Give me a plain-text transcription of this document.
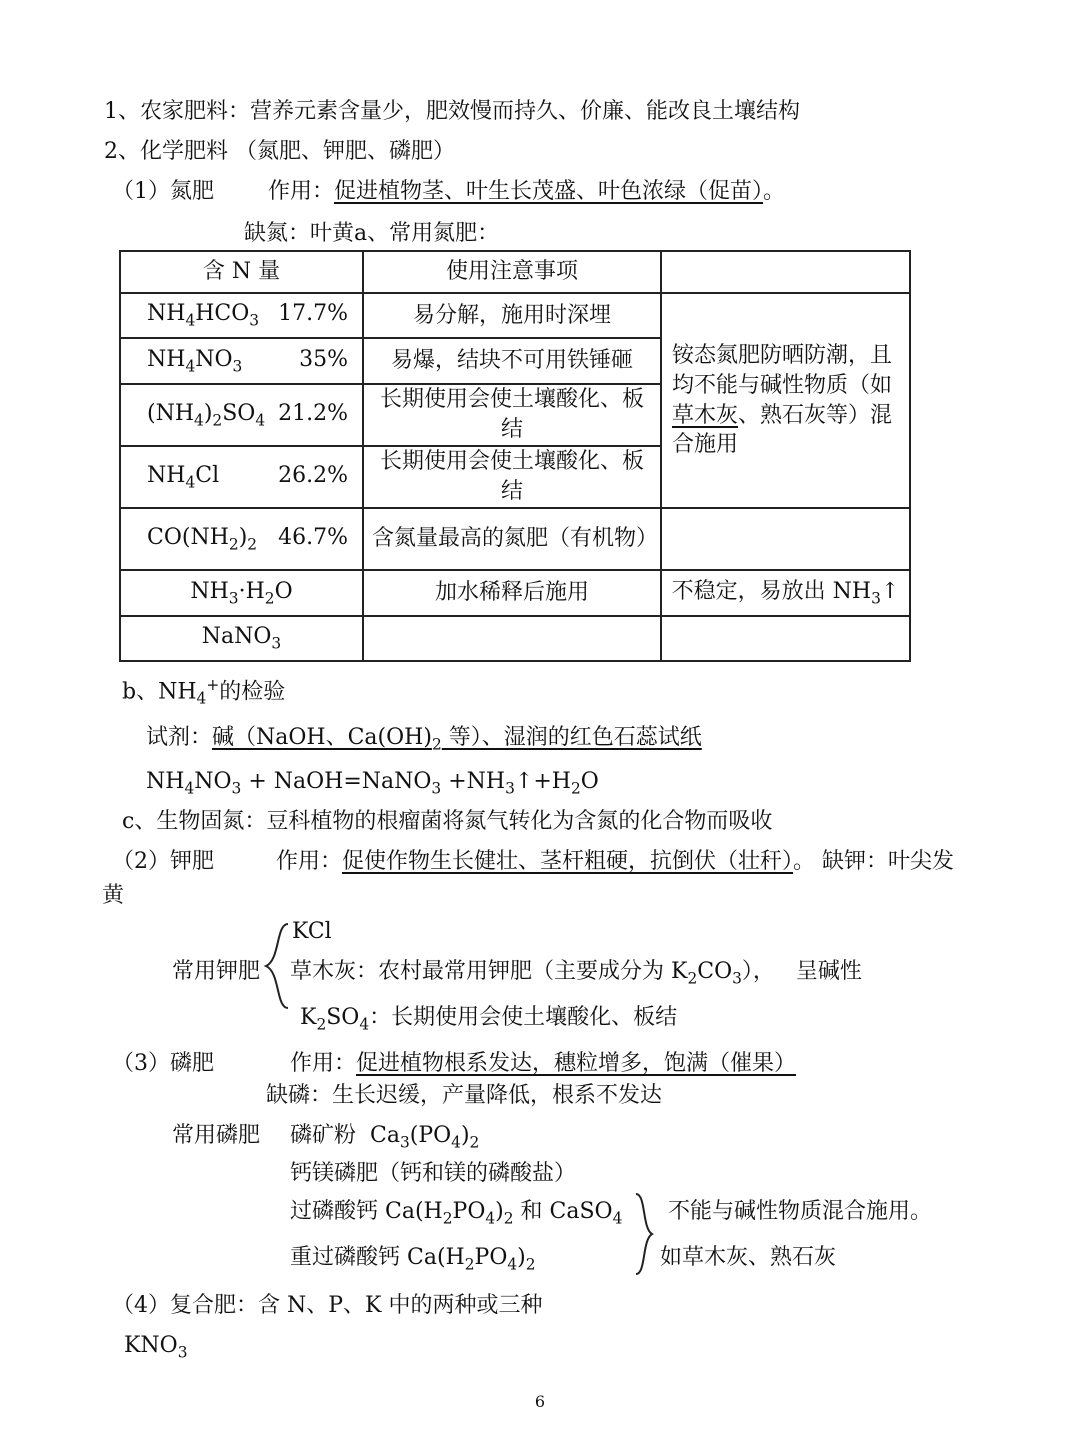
1、农家肥料：营养元素含量少，肥效慢而持久、价廉、能改良土壤结构
2、化学肥料 （氮肥、钾肥、磷肥）
（1）氮肥 作用：促进植物茎、叶生长茂盛、叶色浓绿（促苗）。
缺氮：叶黄a、常用氮肥：
含 N 量	使用注意事项	

$NH_4HCO_3$ 17.7%	易分解，施用时深埋	铵态氮肥防晒防潮，且均不能与碱性物质（如草木灰、熟石灰等）混合施用

$NH_4NO_3$ 35%	易爆，结块不可用铁锤砸	

$(NH_4)_2SO_4$ 21.2%	长期使用会使土壤酸化、板结	

$NH_4Cl$ 26.2%	长期使用会使土壤酸化、板结	

$CO(NH_2)_2$ 46.7%	含氮量最高的氮肥（有机物）	
$NH_3\cdot H_2O$	加水稀释后施用	不稳定，易放出 $NH_3↑$
NaNO$_3$		
b、$NH_4^+$的检验
试剂：碱（NaOH、$Ca(OH)_2$ 等）、湿润的红色石蕊试纸
$NH_4NO_3$ + NaOH=NaNO$_3$ $+NH_3↑+H_2O$
c、生物固氮：豆科植物的根瘤菌将氮气转化为含氮的化合物而吸收
（2）钾肥	作用：促使作物生长健壮、茎杆粗硬，抗倒伏（壮秆）。 缺钾：叶尖发
黄
常用钾肥
KCl
草木灰：农村最常用钾肥（主要成分为 $K_2CO_3$），   呈碱性
$K_2SO_4$：长期使用会使土壤酸化、板结
（3）磷肥	作用：促进植物根系发达，穗粒增多，饱满（催果）
缺磷：生长迟缓，产量降低，根系不发达
常用磷肥 磷矿粉  $Ca_3(PO_4)_2$
钙镁磷肥（钙和镁的磷酸盐）
过磷酸钙 $Ca(H_2PO_4)_2$ 和 CaSO$_4$
重过磷酸钙 $Ca(H_2PO_4)_2$
不能与碱性物质混合施用。
如草木灰、熟石灰
（4）复合肥：含 N、P、K 中的两种或三种
$KNO_3$
6
